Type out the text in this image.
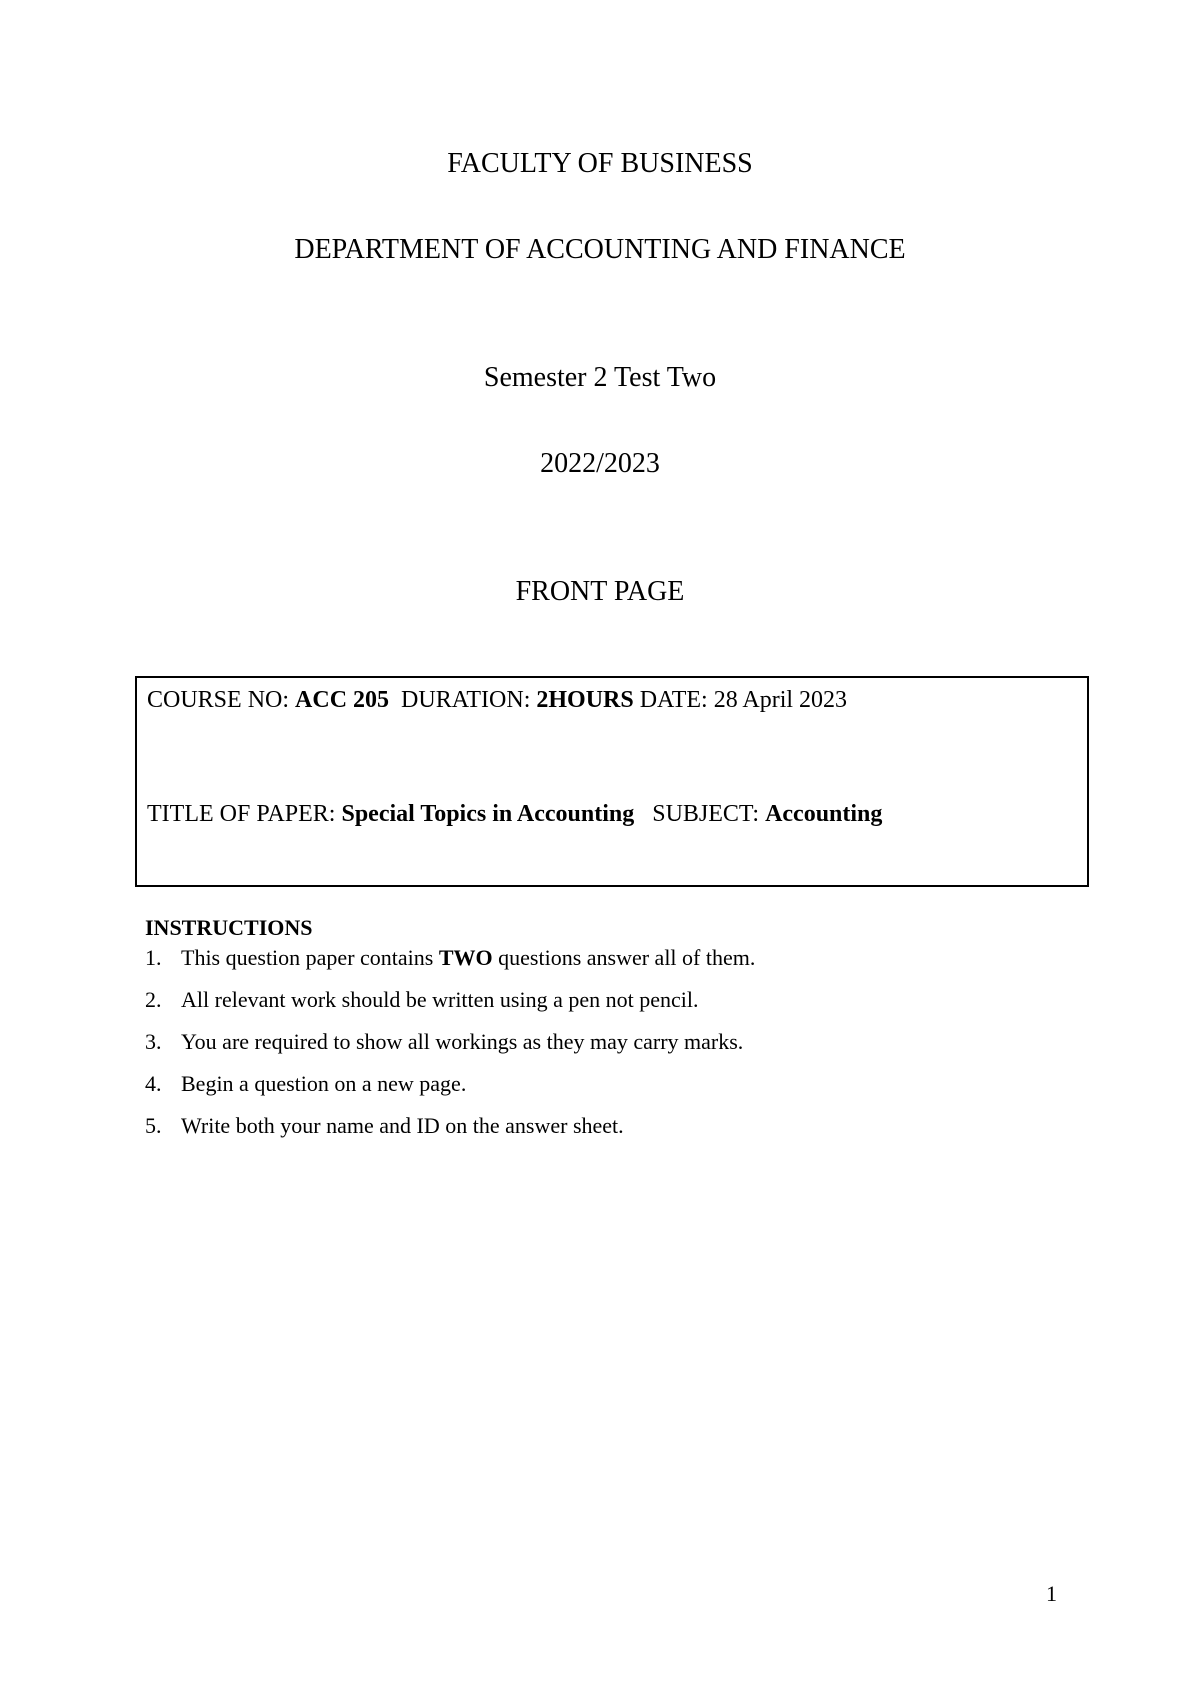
FACULTY OF BUSINESS
DEPARTMENT OF ACCOUNTING AND FINANCE
Semester 2 Test Two
2022/2023
FRONT PAGE
COURSE NO: ACC 205 DURATION: 2HOURS DATE: 28 April 2023
TITLE OF PAPER: Special Topics in Accounting SUBJECT: Accounting
INSTRUCTIONS
1. This question paper contains TWO questions answer all of them.
2. All relevant work should be written using a pen not pencil.
3. You are required to show all workings as they may carry marks.
4. Begin a question on a new page.
5. Write both your name and ID on the answer sheet.
1
